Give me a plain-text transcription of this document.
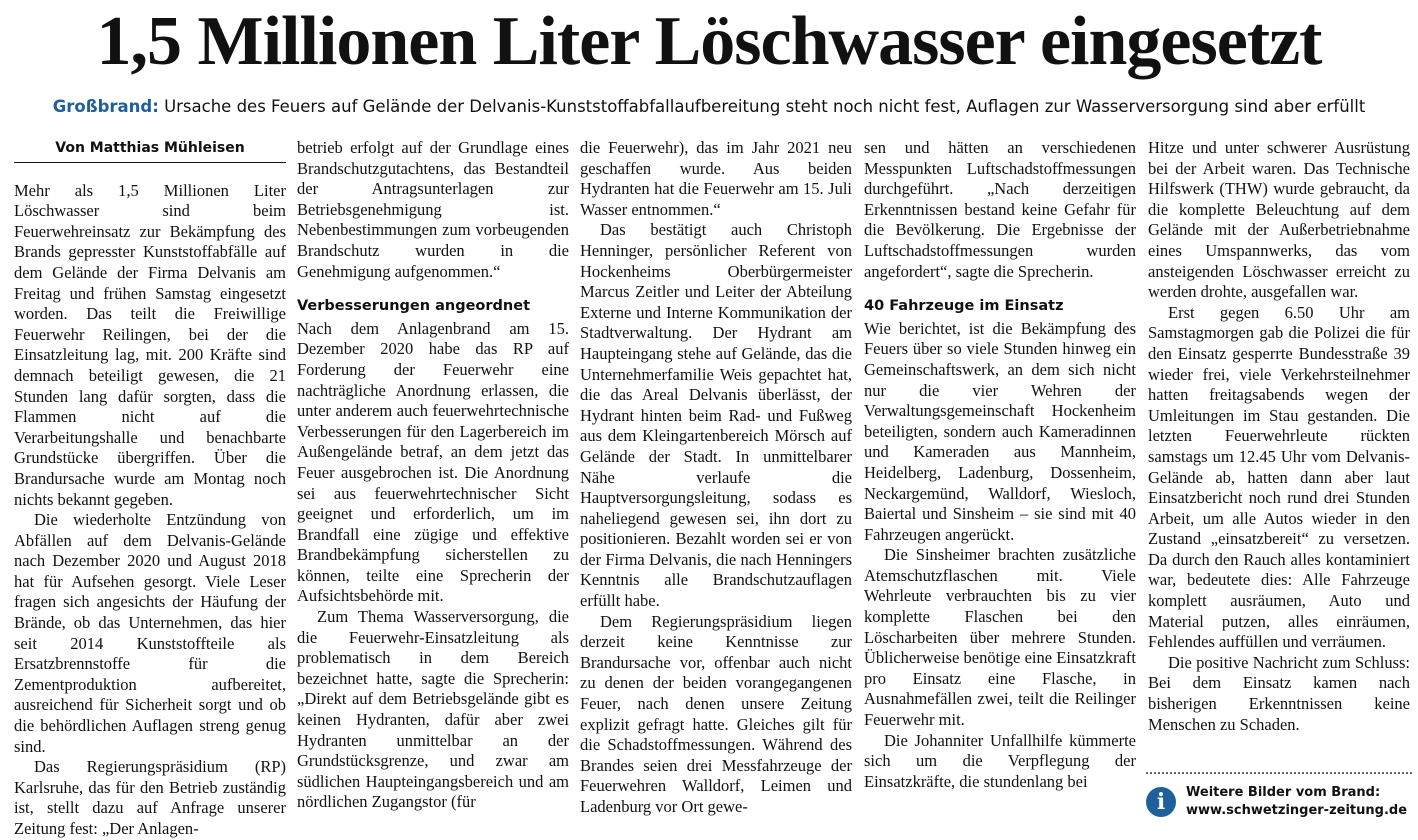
1,5 Millionen Liter Löschwasser eingesetzt
Großbrand: Ursache des Feuers auf Gelände der Delvanis-Kunststoffabfallaufbereitung steht noch nicht fest, Auflagen zur Wasserversorgung sind aber erfüllt
Von Matthias Mühleisen

Mehr als 1,5 Millionen Liter Löschwasser sind beim Feuerwehreinsatz zur Bekämpfung des Brands gepresster Kunststoffabfälle auf dem Gelände der Firma Delvanis am Freitag und frühen Samstag eingesetzt worden. Das teilt die Freiwillige Feuerwehr Reilingen, bei der die Einsatzleitung lag, mit. 200 Kräfte sind demnach beteiligt gewesen, die 21 Stunden lang dafür sorgten, dass die Flammen nicht auf die Verarbeitungshalle und benachbarte Grundstücke übergriffen. Über die Brandursache wurde am Montag noch nichts bekannt gegeben.

Die wiederholte Entzündung von Abfällen auf dem Delvanis-Gelände nach Dezember 2020 und August 2018 hat für Aufsehen gesorgt. Viele Leser fragen sich angesichts der Häufung der Brände, ob das Unternehmen, das hier seit 2014 Kunststoffteile als Ersatzbrennstoffe für die Zementproduktion aufbereitet, ausreichend für Sicherheit sorgt und ob die behördlichen Auflagen streng genug sind.

Das Regierungspräsidium (RP) Karlsruhe, das für den Betrieb zuständig ist, stellt dazu auf Anfrage unserer Zeitung fest: „Der Anlagen-

betrieb erfolgt auf der Grundlage eines Brandschutzgutachtens, das Bestandteil der Antragsunterlagen zur Betriebsgenehmigung ist. Nebenbestimmungen zum vorbeugenden Brandschutz wurden in die Genehmigung aufgenommen.“

Verbesserungen angeordnet

Nach dem Anlagenbrand am 15. Dezember 2020 habe das RP auf Forderung der Feuerwehr eine nachträgliche Anordnung erlassen, die unter anderem auch feuerwehrtechnische Verbesserungen für den Lagerbereich im Außengelände betraf, an dem jetzt das Feuer ausgebrochen ist. Die Anordnung sei aus feuerwehrtechnischer Sicht geeignet und erforderlich, um im Brandfall eine zügige und effektive Brandbekämpfung sicherstellen zu können, teilte eine Sprecherin der Aufsichtsbehörde mit.

Zum Thema Wasserversorgung, die die Feuerwehr-Einsatzleitung als problematisch in dem Bereich bezeichnet hatte, sagte die Sprecherin: „Direkt auf dem Betriebsgelände gibt es keinen Hydranten, dafür aber zwei Hydranten unmittelbar an der Grundstücksgrenze, und zwar am südlichen Haupteingangsbereich und am nördlichen Zugangstor (für

die Feuerwehr), das im Jahr 2021 neu geschaffen wurde. Aus beiden Hydranten hat die Feuerwehr am 15. Juli Wasser entnommen.“

Das bestätigt auch Christoph Henninger, persönlicher Referent von Hockenheims Oberbürgermeister Marcus Zeitler und Leiter der Abteilung Externe und Interne Kommunikation der Stadtverwaltung. Der Hydrant am Haupteingang stehe auf Gelände, das die Unternehmerfamilie Weis gepachtet hat, die das Areal Delvanis überlässt, der Hydrant hinten beim Rad- und Fußweg aus dem Kleingartenbereich Mörsch auf Gelände der Stadt. In unmittelbarer Nähe verlaufe die Hauptversorgungsleitung, sodass es naheliegend gewesen sei, ihn dort zu positionieren. Bezahlt worden sei er von der Firma Delvanis, die nach Henningers Kenntnis alle Brandschutzauflagen erfüllt habe.

Dem Regierungspräsidium liegen derzeit keine Kenntnisse zur Brandursache vor, offenbar auch nicht zu denen der beiden vorangegangenen Feuer, nach denen unsere Zeitung explizit gefragt hatte. Gleiches gilt für die Schadstoffmessungen. Während des Brandes seien drei Messfahrzeuge der Feuerwehren Walldorf, Leimen und Ladenburg vor Ort gewe-

sen und hätten an verschiedenen Messpunkten Luftschadstoffmessungen durchgeführt. „Nach derzeitigen Erkenntnissen bestand keine Gefahr für die Bevölkerung. Die Ergebnisse der Luftschadstoffmessungen wurden angefordert“, sagte die Sprecherin.

40 Fahrzeuge im Einsatz

Wie berichtet, ist die Bekämpfung des Feuers über so viele Stunden hinweg ein Gemeinschaftswerk, an dem sich nicht nur die vier Wehren der Verwaltungsgemeinschaft Hockenheim beteiligten, sondern auch Kameradinnen und Kameraden aus Mannheim, Heidelberg, Ladenburg, Dossenheim, Neckargemünd, Walldorf, Wiesloch, Baiertal und Sinsheim – sie sind mit 40 Fahrzeugen angerückt.

Die Sinsheimer brachten zusätzliche Atemschutzflaschen mit. Viele Wehrleute verbrauchten bis zu vier komplette Flaschen bei den Löscharbeiten über mehrere Stunden. Üblicherweise benötige eine Einsatzkraft pro Einsatz eine Flasche, in Ausnahmefällen zwei, teilt die Reilinger Feuerwehr mit.

Die Johanniter Unfallhilfe kümmerte sich um die Verpflegung der Einsatzkräfte, die stundenlang bei

Hitze und unter schwerer Ausrüstung bei der Arbeit waren. Das Technische Hilfswerk (THW) wurde gebraucht, da die komplette Beleuchtung auf dem Gelände mit der Außerbetriebnahme eines Umspannwerks, das vom ansteigenden Löschwasser erreicht zu werden drohte, ausgefallen war.

Erst gegen 6.50 Uhr am Samstagmorgen gab die Polizei die für den Einsatz gesperrte Bundesstraße 39 wieder frei, viele Verkehrsteilnehmer hatten freitagsabends wegen der Umleitungen im Stau gestanden. Die letzten Feuerwehrleute rückten samstags um 12.45 Uhr vom Delvanis-Gelände ab, hatten dann aber laut Einsatzbericht noch rund drei Stunden Arbeit, um alle Autos wieder in den Zustand „einsatzbereit“ zu versetzen. Da durch den Rauch alles kontaminiert war, bedeutete dies: Alle Fahrzeuge komplett ausräumen, Auto und Material putzen, alles einräumen, Fehlendes auffüllen und verräumen.

Die positive Nachricht zum Schluss: Bei dem Einsatz kamen nach bisherigen Erkenntnissen keine Menschen zu Schaden.

i	Weitere Bilder vom Brand:
www.schwetzinger-zeitung.de
